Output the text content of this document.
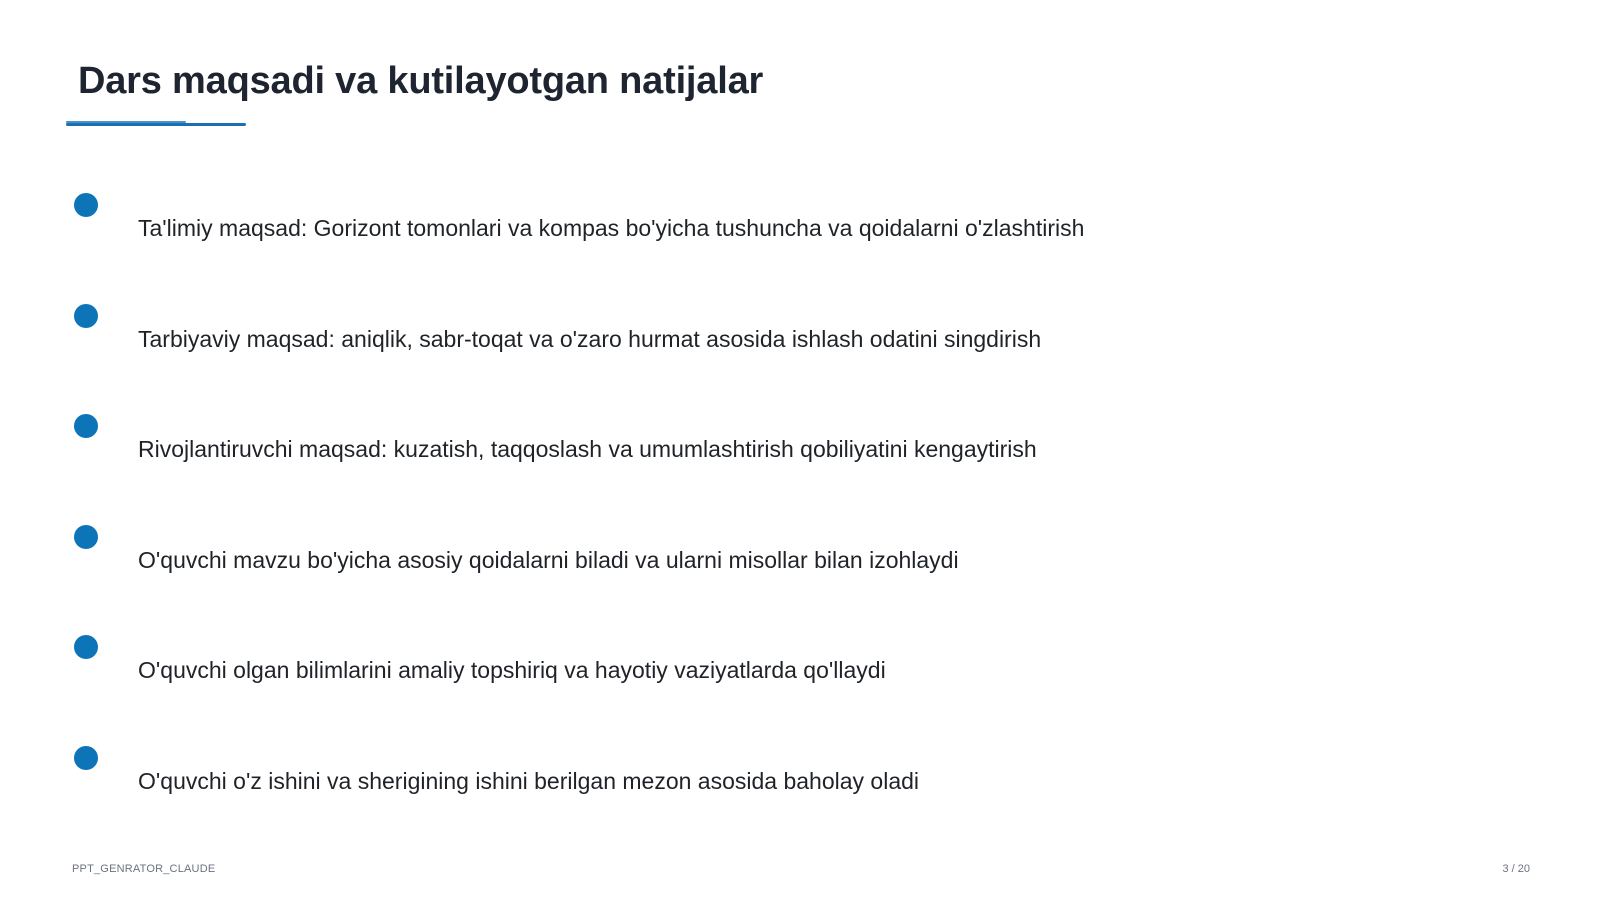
Dars maqsadi va kutilayotgan natijalar
Ta'limiy maqsad: Gorizont tomonlari va kompas bo'yicha tushuncha va qoidalarni o'zlashtirish
Tarbiyaviy maqsad: aniqlik, sabr-toqat va o'zaro hurmat asosida ishlash odatini singdirish
Rivojlantiruvchi maqsad: kuzatish, taqqoslash va umumlashtirish qobiliyatini kengaytirish
O'quvchi mavzu bo'yicha asosiy qoidalarni biladi va ularni misollar bilan izohlaydi
O'quvchi olgan bilimlarini amaliy topshiriq va hayotiy vaziyatlarda qo'llaydi
O'quvchi o'z ishini va sherigining ishini berilgan mezon asosida baholay oladi
PPT_GENRATOR_CLAUDE	3 / 20
